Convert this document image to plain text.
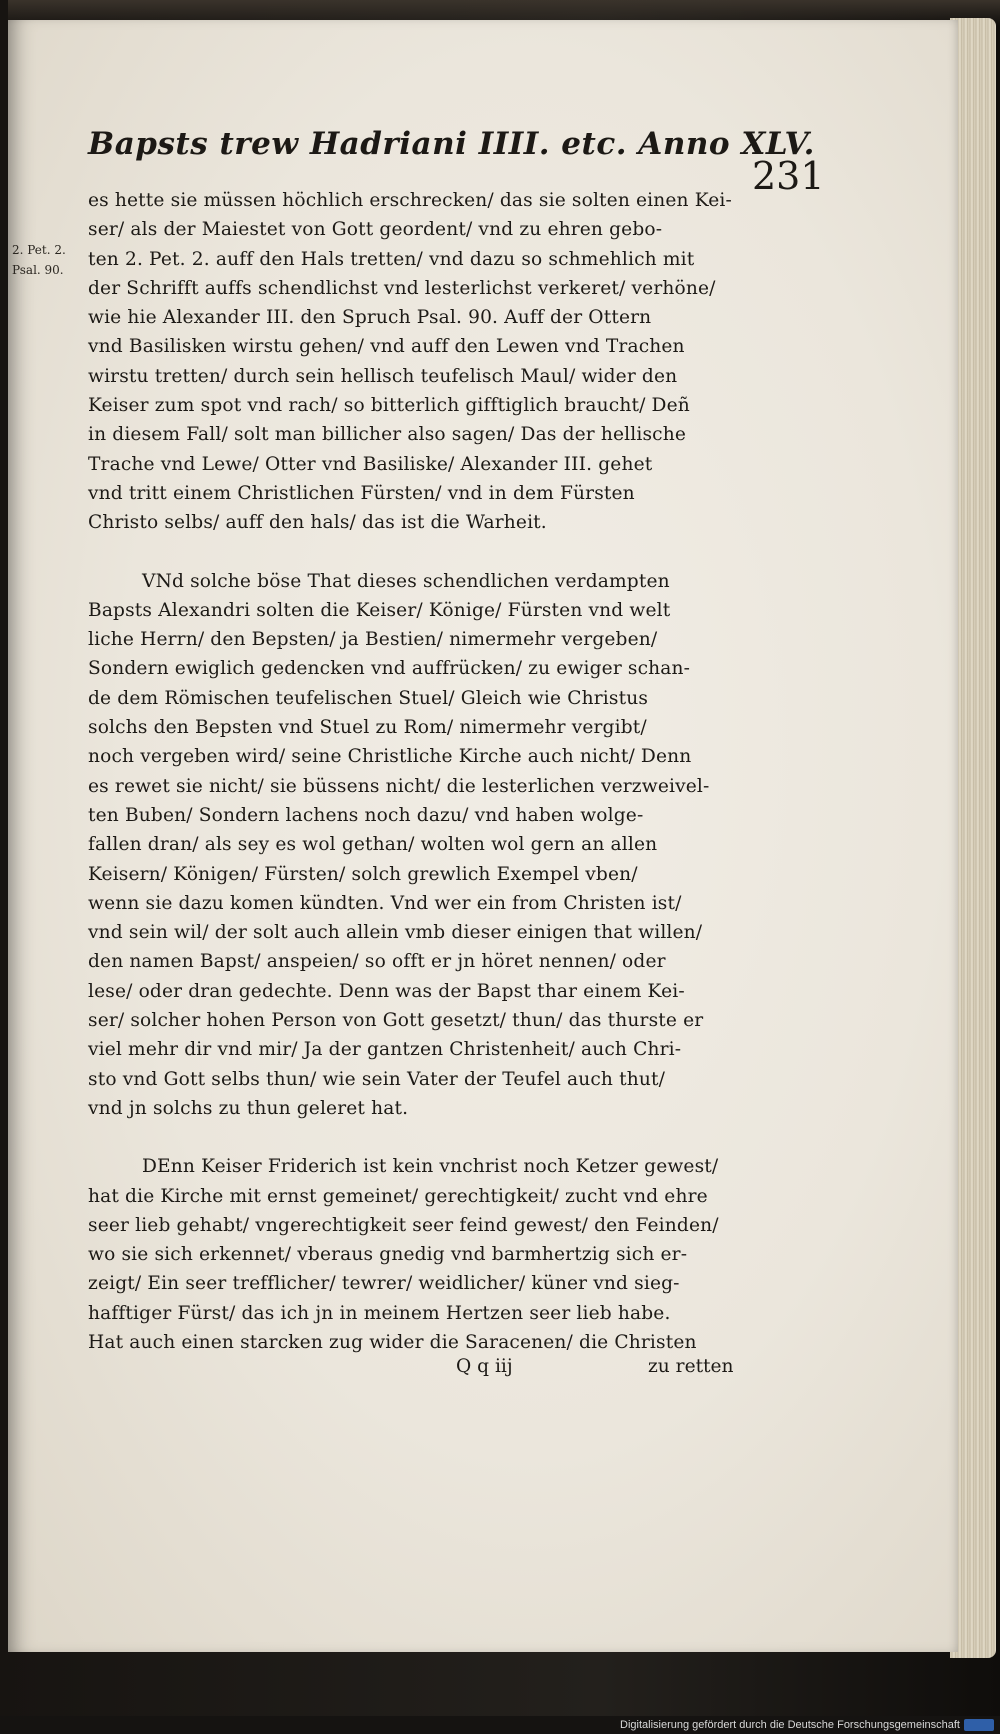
Bapsts trew Hadriani IIII. etc. Anno XLV.
231
2. Pet. 2.
Psal. 90.
es hette sie müssen höchlich erschrecken/ das sie solten einen Kei-
ser/ als der Maiestet von Gott geordent/ vnd zu ehren gebo-
ten 2. Pet. 2. auff den Hals tretten/ vnd dazu so schmehlich mit
der Schrifft auffs schendlichst vnd lesterlichst verkeret/ verhöne/
wie hie Alexander III. den Spruch Psal. 90. Auff der Ottern
vnd Basilisken wirstu gehen/ vnd auff den Lewen vnd Trachen
wirstu tretten/ durch sein hellisch teufelisch Maul/ wider den
Keiser zum spot vnd rach/ so bitterlich gifftiglich braucht/ Deñ
in diesem Fall/ solt man billicher also sagen/ Das der hellische
Trache vnd Lewe/ Otter vnd Basiliske/ Alexander III. gehet
vnd tritt einem Christlichen Fürsten/ vnd in dem Fürsten
Christo selbs/ auff den hals/ das ist die Warheit.
VNd solche böse That dieses schendlichen verdampten
Bapsts Alexandri solten die Keiser/ Könige/ Fürsten vnd welt
liche Herrn/ den Bepsten/ ja Bestien/ nimermehr vergeben/
Sondern ewiglich gedencken vnd auffrücken/ zu ewiger schan-
de dem Römischen teufelischen Stuel/ Gleich wie Christus
solchs den Bepsten vnd Stuel zu Rom/ nimermehr vergibt/
noch vergeben wird/ seine Christliche Kirche auch nicht/ Denn
es rewet sie nicht/ sie büssens nicht/ die lesterlichen verzweivel-
ten Buben/ Sondern lachens noch dazu/ vnd haben wolge-
fallen dran/ als sey es wol gethan/ wolten wol gern an allen
Keisern/ Königen/ Fürsten/ solch grewlich Exempel vben/
wenn sie dazu komen kündten. Vnd wer ein from Christen ist/
vnd sein wil/ der solt auch allein vmb dieser einigen that willen/
den namen Bapst/ anspeien/ so offt er jn höret nennen/ oder
lese/ oder dran gedechte. Denn was der Bapst thar einem Kei-
ser/ solcher hohen Person von Gott gesetzt/ thun/ das thurste er
viel mehr dir vnd mir/ Ja der gantzen Christenheit/ auch Chri-
sto vnd Gott selbs thun/ wie sein Vater der Teufel auch thut/
vnd jn solchs zu thun geleret hat.
DEnn Keiser Friderich ist kein vnchrist noch Ketzer gewest/
hat die Kirche mit ernst gemeinet/ gerechtigkeit/ zucht vnd ehre
seer lieb gehabt/ vngerechtigkeit seer feind gewest/ den Feinden/
wo sie sich erkennet/ vberaus gnedig vnd barmhertzig sich er-
zeigt/ Ein seer trefflicher/ tewrer/ weidlicher/ küner vnd sieg-
hafftiger Fürst/ das ich jn in meinem Hertzen seer lieb habe.
Hat auch einen starcken zug wider die Saracenen/ die Christen
Q q iij	zu retten
Digitalisierung gefördert durch die Deutsche Forschungsgemeinschaft
